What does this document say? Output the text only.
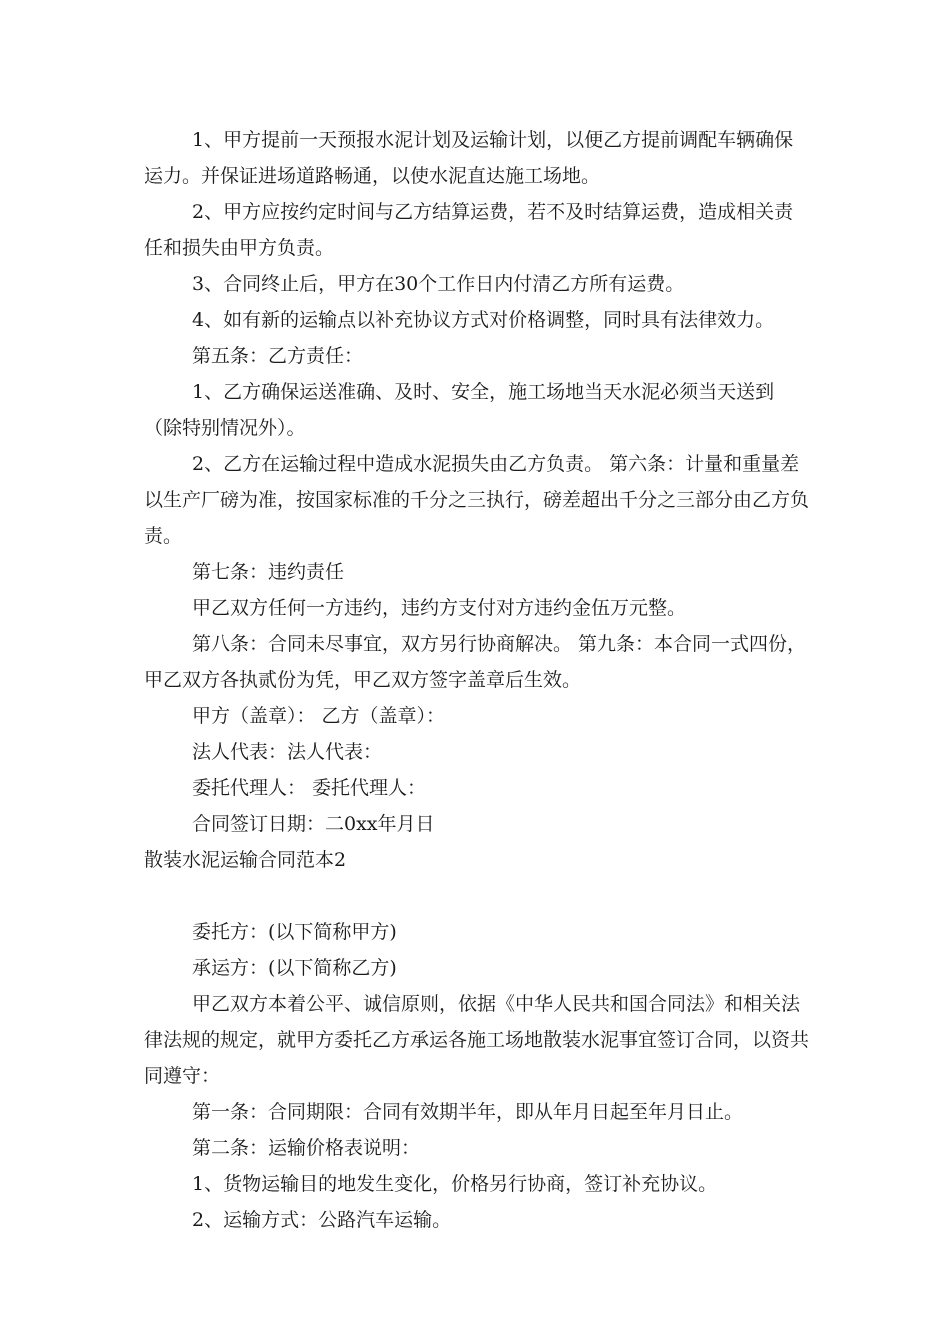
1、甲方提前一天预报水泥计划及运输计划，以便乙方提前调配车辆确保运力。并保证进场道路畅通，以使水泥直达施工场地。

2、甲方应按约定时间与乙方结算运费，若不及时结算运费，造成相关责任和损失由甲方负责。

3、合同终止后，甲方在30个工作日内付清乙方所有运费。

4、如有新的运输点以补充协议方式对价格调整，同时具有法律效力。

第五条：乙方责任：

1、乙方确保运送准确、及时、安全，施工场地当天水泥必须当天送到（除特别情况外）。

2、乙方在运输过程中造成水泥损失由乙方负责。 第六条：计量和重量差以生产厂磅为准，按国家标准的千分之三执行，磅差超出千分之三部分由乙方负责。

第七条：违约责任

甲乙双方任何一方违约，违约方支付对方违约金伍万元整。

第八条：合同未尽事宜，双方另行协商解决。 第九条：本合同一式四份，甲乙双方各执贰份为凭，甲乙双方签字盖章后生效。

甲方（盖章）： 乙方（盖章）：

法人代表：法人代表：

委托代理人： 委托代理人：

合同签订日期：二0xx年月日

散装水泥运输合同范本2

委托方：(以下简称甲方)

承运方：(以下简称乙方)

甲乙双方本着公平、诚信原则，依据《中华人民共和国合同法》和相关法律法规的规定，就甲方委托乙方承运各施工场地散装水泥事宜签订合同，以资共同遵守：

第一条：合同期限：合同有效期半年，即从年月日起至年月日止。

第二条：运输价格表说明：

1、货物运输目的地发生变化，价格另行协商，签订补充协议。

2、运输方式：公路汽车运输。
